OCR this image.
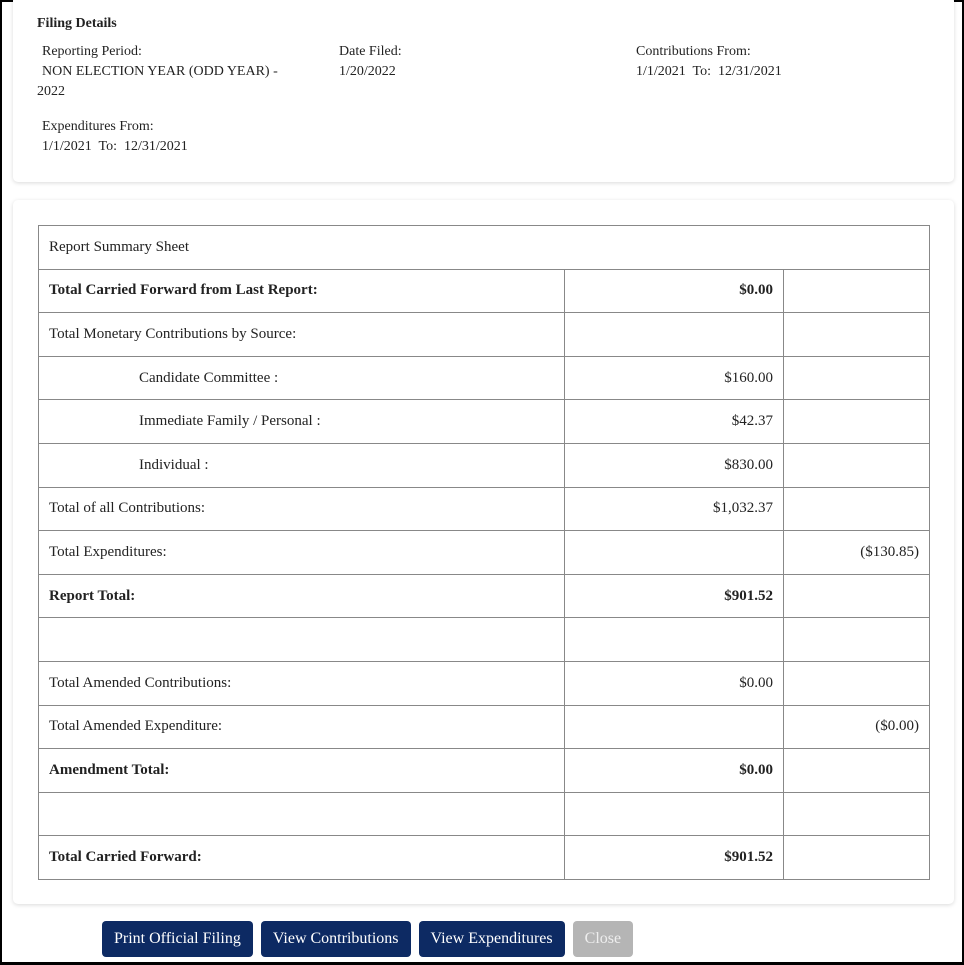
Filing Details
Reporting Period:
NON ELECTION YEAR (ODD YEAR) -
2022
Date Filed:
1/20/2022
Contributions From:
1/1/2021  To:  12/31/2021
Expenditures From:
1/1/2021  To:  12/31/2021
Report Summary Sheet		
Total Carried Forward from Last Report:	$0.00	
Total Monetary Contributions by Source:		
Candidate Committee :	$160.00	
Immediate Family / Personal :	$42.37	
Individual :	$830.00	
Total of all Contributions:	$1,032.37	
Total Expenditures:		($130.85)
Report Total:	$901.52	

Total Amended Contributions:	$0.00	
Total Amended Expenditure:		($0.00)
Amendment Total:	$0.00	

Total Carried Forward:	$901.52	
Print Official Filing	View Contributions	View Expenditures	Close
